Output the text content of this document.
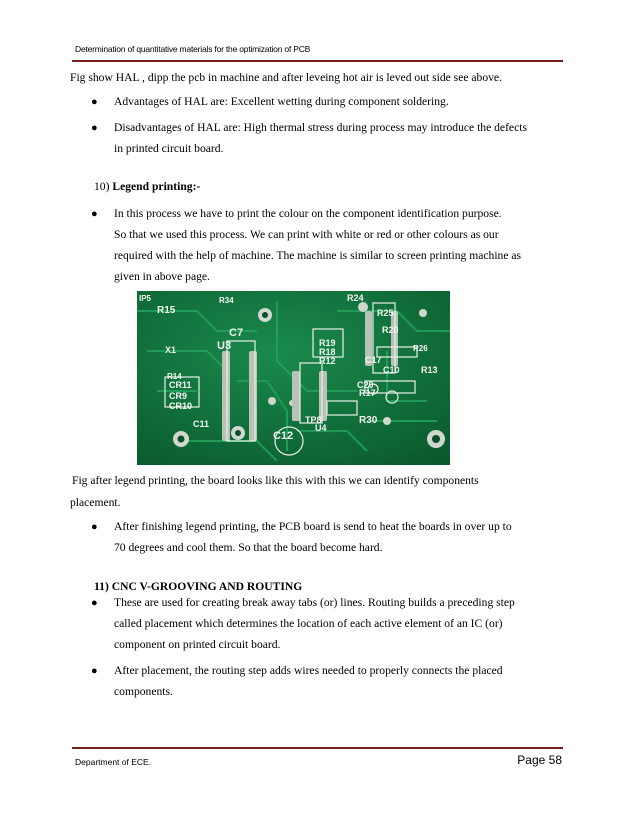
Determination of quantitative materials for the optimization of PCB
Fig show HAL , dipp the pcb in machine and after leveing hot air is leved out side see above.
● Advantages of HAL are: Excellent wetting during component soldering.
● Disadvantages of HAL are: High thermal stress during process may introduce the defects
in printed circuit board.
10) Legend printing:-
● In this process we have to print the colour on the component identification purpose.
So that we used this process. We can print with white or red or other colours as our
required with the help of machine. The machine is similar to screen printing machine as
given in above page.
IP5
R15
R34	R24
R25
R20
C7
U3	R19
R18
C17
C10
R14
CR11
CR9
CR10
C11
C12
TP8
U4
R17
R30
C20
R13
R12
X1	R26
Fig after legend printing, the board looks like this with this we can identify components
placement.
● After finishing legend printing, the PCB board is send to heat the boards in over up to
70 degrees and cool them. So that the board become hard.
11) CNC V-GROOVING AND ROUTING
● These are used for creating break away tabs (or) lines. Routing builds a preceding step
called placement which determines the location of each active element of an IC (or)
component on printed circuit board.
● After placement, the routing step adds wires needed to properly connects the placed
components.
Department of ECE.	Page 58
